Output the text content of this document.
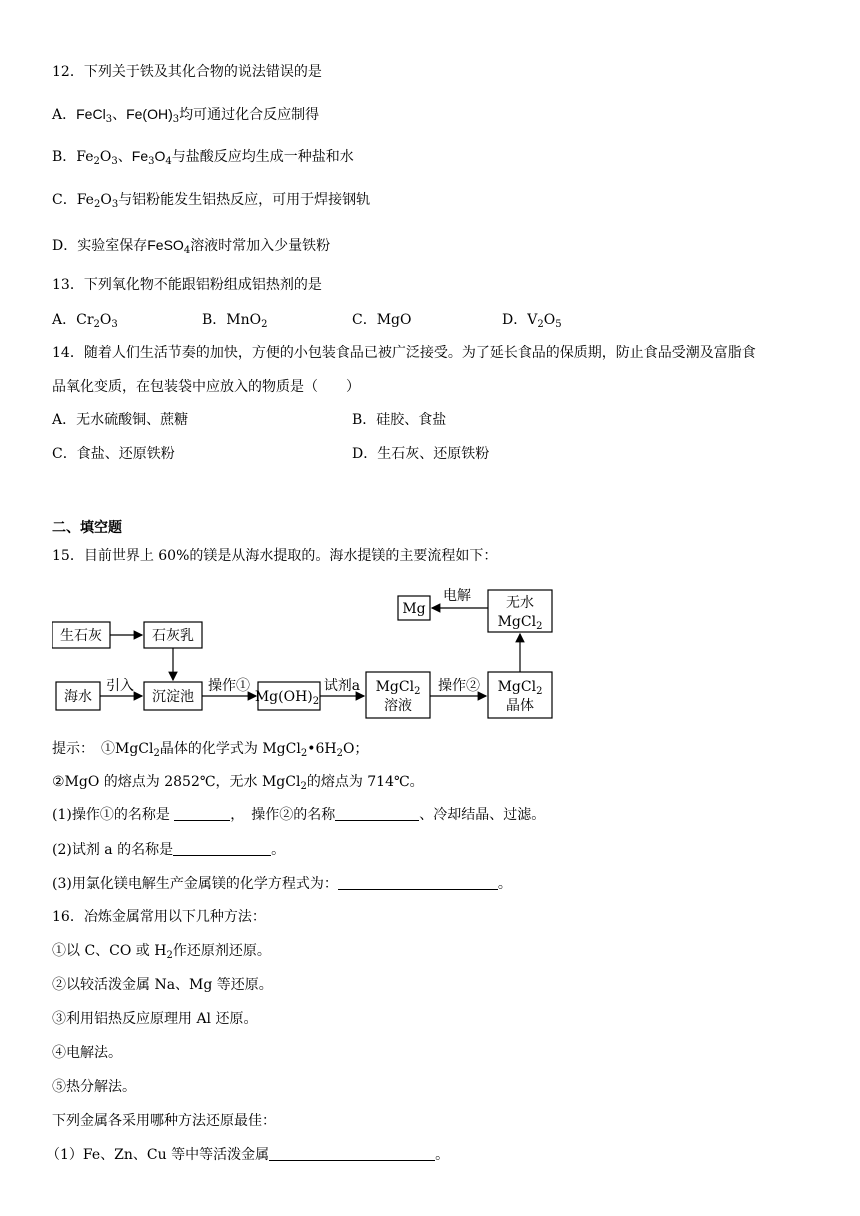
12．下列关于铁及其化合物的说法错误的是
A．FeCl$_3$、$Fe(OH)_3$均可通过化合反应制得
B．$Fe_2O_3$、$Fe_3O_4$与盐酸反应均生成一种盐和水
C．$Fe_2O_3$与铝粉能发生铝热反应，可用于焊接钢轨
D．实验室保存FeSO$_4$溶液时常加入少量铁粉
13．下列氧化物不能跟铝粉组成铝热剂的是
A．$Cr_2O_3$	B．MnO$_2$	C．MgO	D．$V_2O_5$
14．随着人们生活节奏的加快，方便的小包装食品已被广泛接受。为了延长食品的保质期，防止食品受潮及富脂食
品氧化变质，在包装袋中应放入的物质是（　　）
A．无水硫酸铜、蔗糖	B．硅胶、食盐
C．食盐、还原铁粉	D．生石灰、还原铁粉
二、填空题
15．目前世界上 60%的镁是从海水提取的。海水提镁的主要流程如下：
Mg
电解	无水
MgCl$_2$
生石灰	石灰乳
海水
引入
沉淀池
操作①
$Mg(OH)_2$
试剂a MgCl$_2$
溶液
操作② MgCl$_2$
晶体
提示：　①MgCl$_2$晶体的化学式为 $MgCl_2•6H_2O$；
②MgO 的熔点为 2852℃，无水 MgCl$_2$的熔点为 714℃。
(1)操作①的名称是	，　操作②的名称	、冷却结晶、过滤。
(2)试剂 a 的名称是	。
(3)用氯化镁电解生产金属镁的化学方程式为：	。
16．冶炼金属常用以下几种方法：
①以 C、CO 或 $H_2$作还原剂还原。
②以较活泼金属 Na、Mg 等还原。
③利用铝热反应原理用 Al 还原。
④电解法。
⑤热分解法。
下列金属各采用哪种方法还原最佳：
（1）Fe、Zn、Cu 等中等活泼金属	。
